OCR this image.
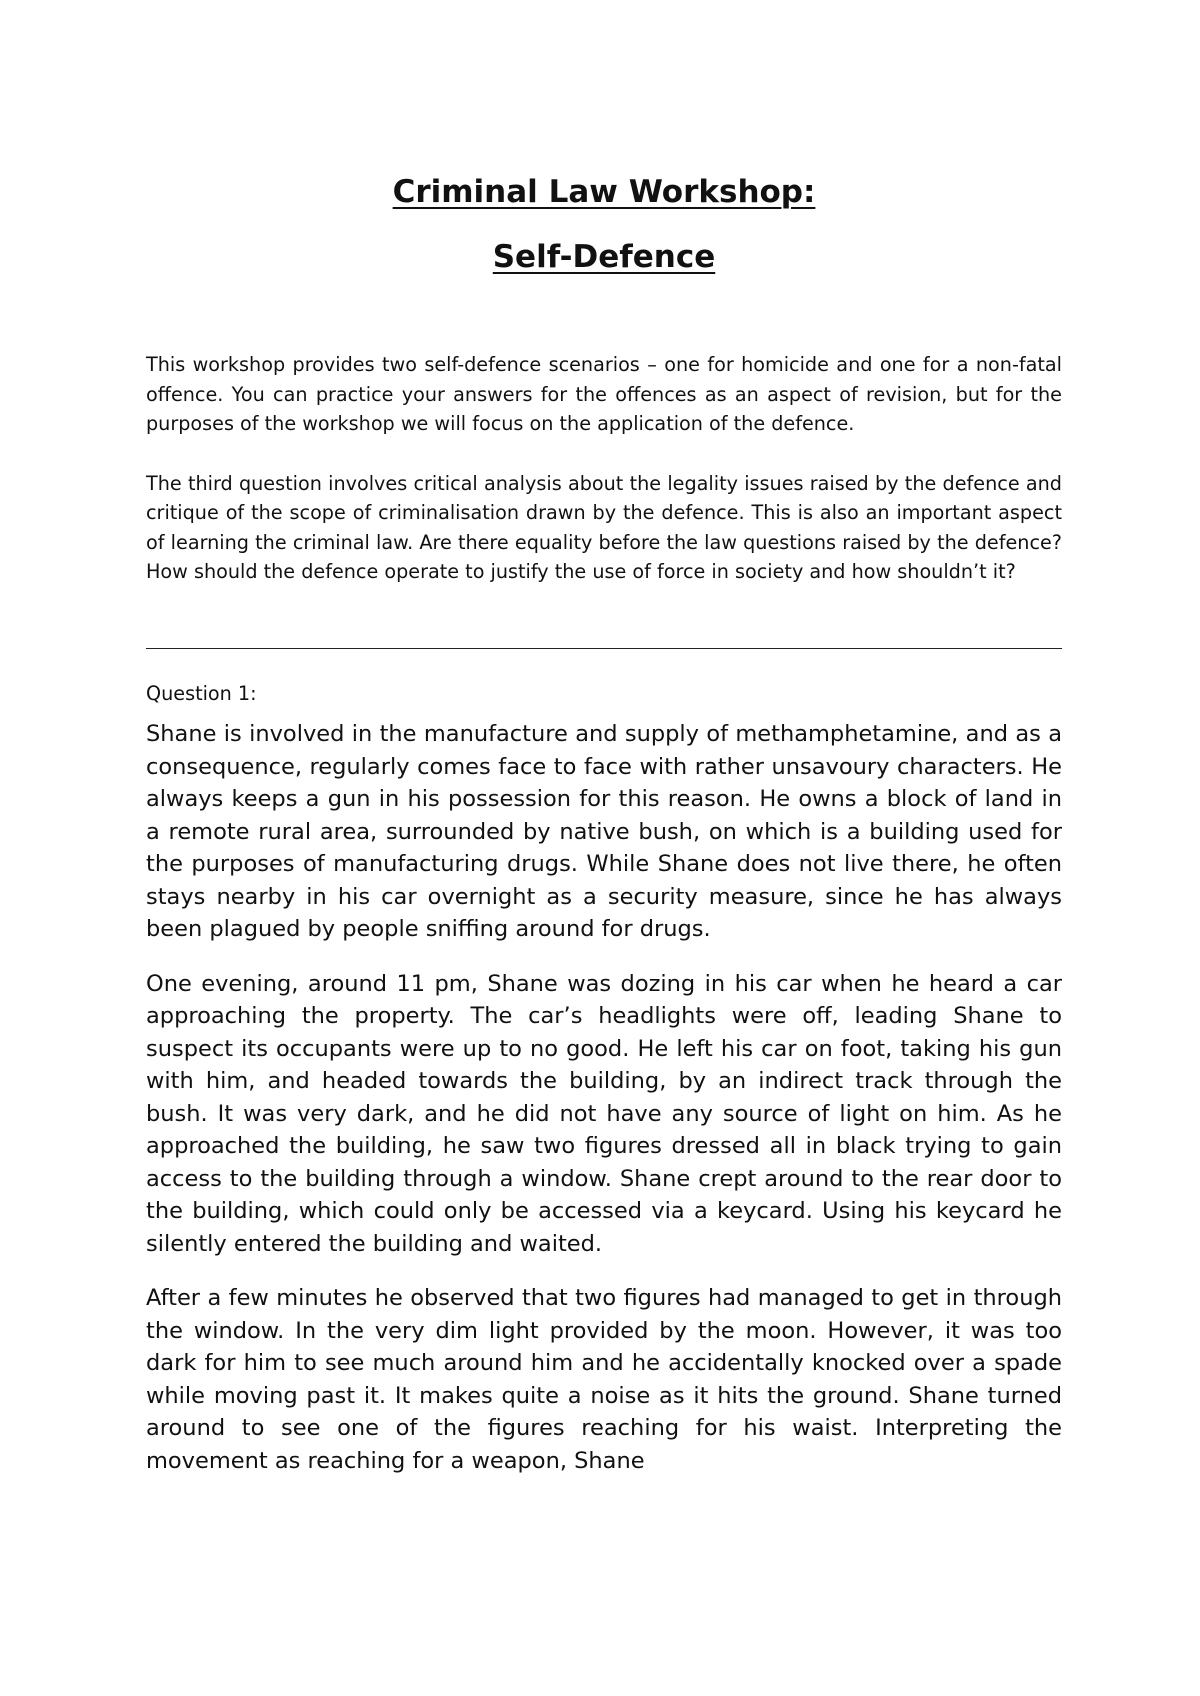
Criminal Law Workshop:
Self-Defence

This workshop provides two self-defence scenarios – one for homicide and one for a non-fatal offence. You can practice your answers for the offences as an aspect of revision, but for the purposes of the workshop we will focus on the application of the defence.

The third question involves critical analysis about the legality issues raised by the defence and critique of the scope of criminalisation drawn by the defence. This is also an important aspect of learning the criminal law. Are there equality before the law questions raised by the defence? How should the defence operate to justify the use of force in society and how shouldn’t it?

Question 1:

Shane is involved in the manufacture and supply of methamphetamine, and as a consequence, regularly comes face to face with rather unsavoury characters. He always keeps a gun in his possession for this reason. He owns a block of land in a remote rural area, surrounded by native bush, on which is a building used for the purposes of manufacturing drugs. While Shane does not live there, he often stays nearby in his car overnight as a security measure, since he has always been plagued by people sniffing around for drugs.

One evening, around 11 pm, Shane was dozing in his car when he heard a car approaching the property. The car’s headlights were off, leading Shane to suspect its occupants were up to no good. He left his car on foot, taking his gun with him, and headed towards the building, by an indirect track through the bush. It was very dark, and he did not have any source of light on him. As he approached the building, he saw two figures dressed all in black trying to gain access to the building through a window. Shane crept around to the rear door to the building, which could only be accessed via a keycard. Using his keycard he silently entered the building and waited.

After a few minutes he observed that two figures had managed to get in through the window. In the very dim light provided by the moon. However, it was too dark for him to see much around him and he accidentally knocked over a spade while moving past it. It makes quite a noise as it hits the ground. Shane turned around to see one of the figures reaching for his waist. Interpreting the movement as reaching for a weapon, Shane
